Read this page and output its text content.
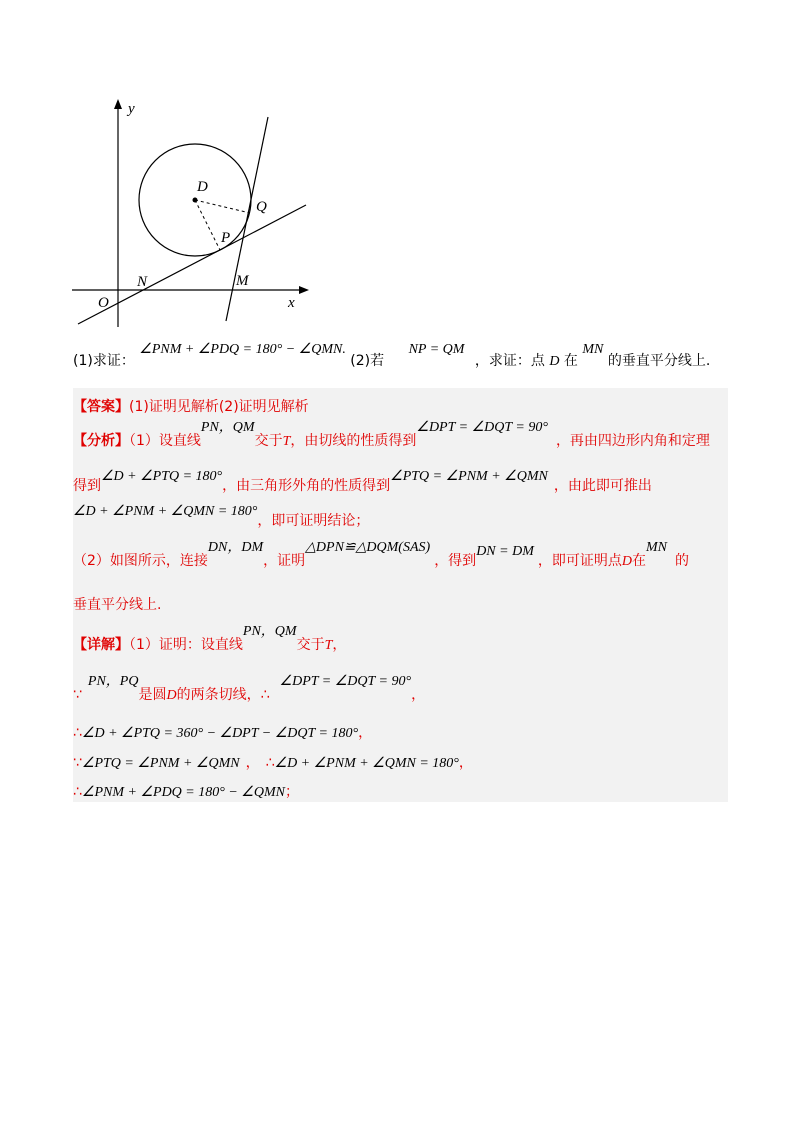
y
x
O
D
Q
P
N	M
(1)求证： ∠PNM + ∠PDQ = 180° − ∠QMN. (2)若 NP = QM ，求证：点 D 在 MN 的垂直平分线上.
【答案】(1)证明见解析(2)证明见解析
【分析】（1）设直线PN，QM交于T，由切线的性质得到∠DPT = ∠DQT = 90°，再由四边形内角和定理
得到∠D + ∠PTQ = 180°，由三角形外角的性质得到∠PTQ = ∠PNM + ∠QMN，由此即可推出
∠D + ∠PNM + ∠QMN = 180°，即可证明结论；
（2）如图所示，连接DN，DM，证明△DPN≌△DQM(SAS)，得到DN = DM，即可证明点D在MN的
垂直平分线上.
【详解】（1）证明：设直线PN，QM交于T，
∵PN，PQ是圆D的两条切线，∴∠DPT = ∠DQT = 90°，
∴∠D + ∠PTQ = 360° − ∠DPT − ∠DQT = 180°，
∵∠PTQ = ∠PNM + ∠QMN ， ∴∠D + ∠PNM + ∠QMN = 180°，
∴∠PNM + ∠PDQ = 180° − ∠QMN；
